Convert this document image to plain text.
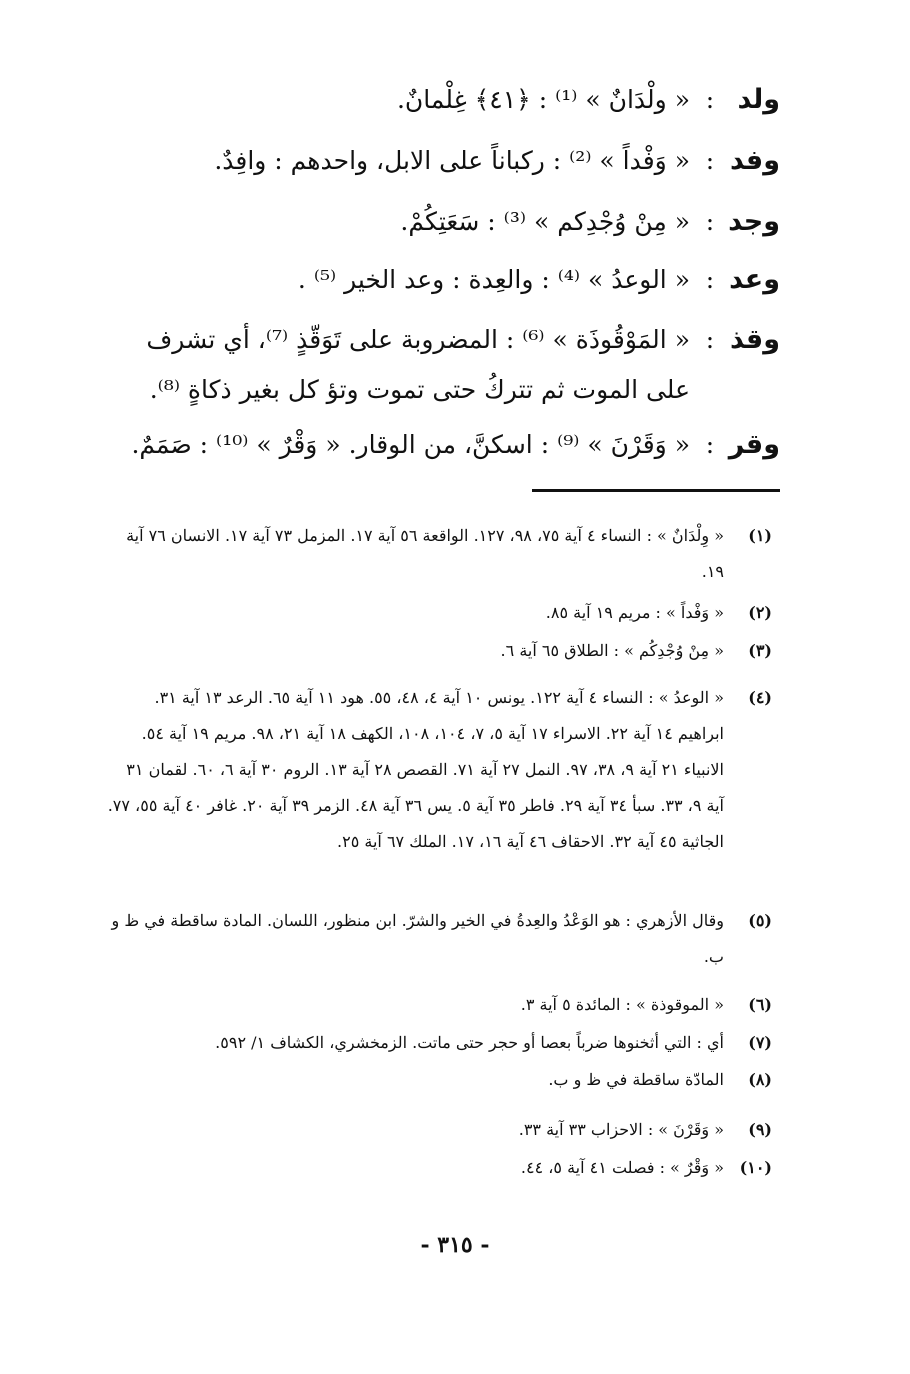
ولد
:
« ولْدَانٌ » ⁽¹⁾ : ﴿٤١﴾ غِلْمانٌ.
وفد
:
« وَفْداً » ⁽²⁾ : ركباناً على الابل، واحدهم : وافِدٌ.
وجد
:
« مِنْ وُجْدِكم » ⁽³⁾ : سَعَتِكُمْ.
وعد
:
« الوعدُ » ⁽⁴⁾ : والعِدة : وعد الخير ⁽⁵⁾ .
وقذ
:
« المَوْقُوذَة » ⁽⁶⁾ : المضروبة على تَوَقّذٍ ⁽⁷⁾، أي تشرف على الموت ثم تتركُ حتى تموت وتؤ كل بغير ذكاةٍ ⁽⁸⁾.
وقر
:
« وَقَرْنَ » ⁽⁹⁾ : اسكنَّ، من الوقار. « وَقْرٌ » ⁽¹⁰⁾ : صَمَمٌ.
(١)
« وِلْدَانٌ » : النساء ٤ آية ٧٥، ٩٨، ١٢٧. الواقعة ٥٦ آية ١٧. المزمل ٧٣ آية ١٧. الانسان ٧٦ آية ١٩.
(٢)
« وَفْداً » : مريم ١٩ آية ٨٥.
(٣)
« مِنْ وُجْدِكُم » : الطلاق ٦٥ آية ٦.
(٤)
« الوعدُ » : النساء ٤ آية ١٢٢. يونس ١٠ آية ٤، ٤٨، ٥٥. هود ١١ آية ٦٥. الرعد ١٣ آية ٣١. ابراهيم ١٤ آية ٢٢. الاسراء ١٧ آية ٥، ٧، ١٠٤، ١٠٨، الكهف ١٨ آية ٢١، ٩٨. مريم ١٩ آية ٥٤. الانبياء ٢١ آية ٩، ٣٨، ٩٧. النمل ٢٧ آية ٧١. القصص ٢٨ آية ١٣. الروم ٣٠ آية ٦، ٦٠. لقمان ٣١ آية ٩، ٣٣. سبأ ٣٤ آية ٢٩. فاطر ٣٥ آية ٥. يس ٣٦ آية ٤٨. الزمر ٣٩ آية ٢٠. غافر ٤٠ آية ٥٥، ٧٧. الجاثية ٤٥ آية ٣٢. الاحقاف ٤٦ آية ١٦، ١٧. الملك ٦٧ آية ٢٥.
(٥)
وقال الأزهري : هو الوَعْدُ والعِدةُ في الخير والشرّ. ابن منظور، اللسان. المادة ساقطة في ظ و ب.
(٦)
« الموقوذة » : المائدة ٥ آية ٣.
(٧)
أي : التي أثخنوها ضرباً بعصا أو حجر حتى ماتت. الزمخشري، الكشاف ١/ ٥٩٢.
(٨)
المادّة ساقطة في ظ و ب.
(٩)
« وَقَرْنَ » : الاحزاب ٣٣ آية ٣٣.
(١٠)
« وَقْرٌ » : فصلت ٤١ آية ٥، ٤٤.
- ٣١٥ -
